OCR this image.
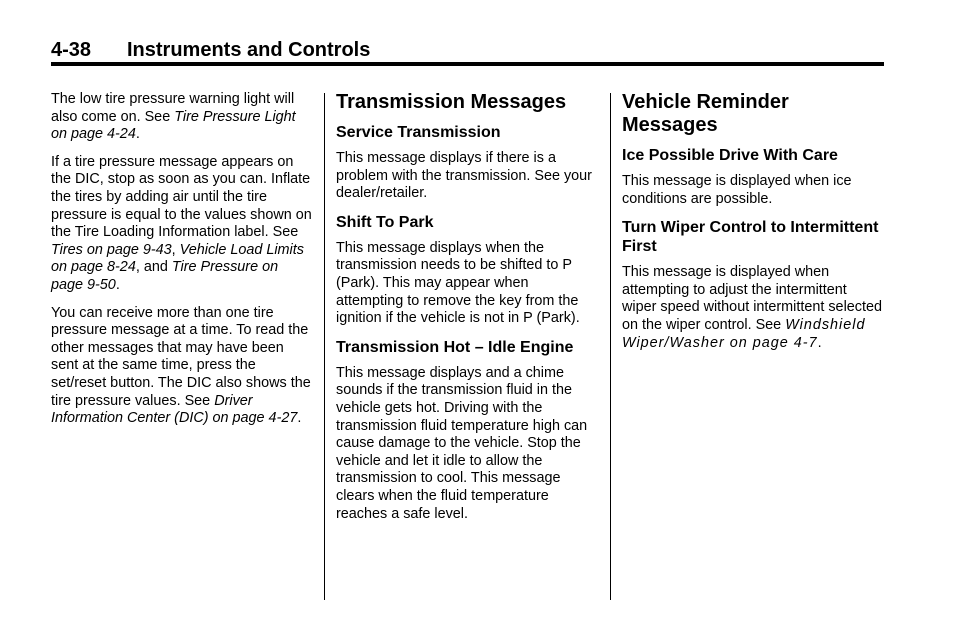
4-38 Instruments and Controls

The low tire pressure warning light will also come on. See Tire Pressure Light on page 4-24.

If a tire pressure message appears on the DIC, stop as soon as you can. Inflate the tires by adding air until the tire pressure is equal to the values shown on the Tire Loading Information label. See Tires on page 9-43, Vehicle Load Limits on page 8-24, and Tire Pressure on page 9-50.

You can receive more than one tire pressure message at a time. To read the other messages that may have been sent at the same time, press the set/reset button. The DIC also shows the tire pressure values. See Driver Information Center (DIC) on page 4-27.

Transmission Messages
Service Transmission

This message displays if there is a problem with the transmission. See your dealer/retailer.

Shift To Park

This message displays when the transmission needs to be shifted to P (Park). This may appear when attempting to remove the key from the ignition if the vehicle is not in P (Park).

Transmission Hot – Idle Engine

This message displays and a chime sounds if the transmission fluid in the vehicle gets hot. Driving with the transmission fluid temperature high can cause damage to the vehicle. Stop the vehicle and let it idle to allow the transmission to cool. This message clears when the fluid temperature reaches a safe level.

Vehicle Reminder Messages
Ice Possible Drive With Care

This message is displayed when ice conditions are possible.

Turn Wiper Control to Intermittent First

This message is displayed when attempting to adjust the intermittent wiper speed without intermittent selected on the wiper control. See Windshield Wiper/Washer on page 4-7.
